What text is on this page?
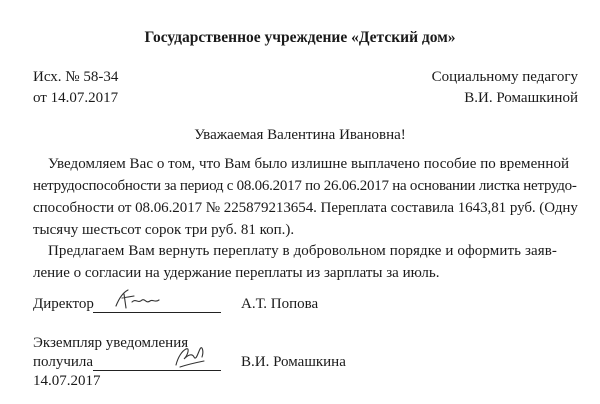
Государственное учреждение «Детский дом»
Исх. № 58-34
от 14.07.2017
Социальному педагогу
В.И. Ромашкиной
Уважаемая Валентина Ивановна!
Уведомляем Вас о том, что Вам было излишне выплачено пособие по временной
нетрудоспособности за период с 08.06.2017 по 26.06.2017 на основании листка нетрудо-
способности от 08.06.2017 № 225879213654. Переплата составила 1643,81 руб. (Одну
тысячу шестьсот сорок три руб. 81 коп.).
Предлагаем Вам вернуть переплату в добровольном порядке и оформить заяв-
ление о согласии на удержание переплаты из зарплаты за июль.
Директор	А.Т. Попова
Экземпляр уведомления
получила	В.И. Ромашкина
14.07.2017
